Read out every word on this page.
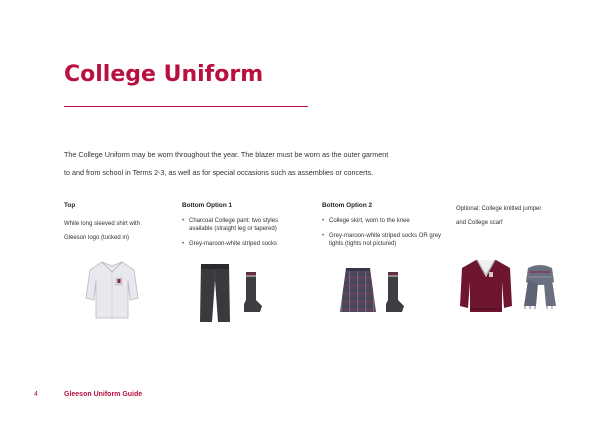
College Uniform

The College Uniform may be worn throughout the year. The blazer must be worn as the outer garment

to and from school in Terms 2-3, as well as for special occasions such as assemblies or concerts.

Top
White long sleeved shirt with
Gleeson logo (tucked in)
Bottom Option 1
• Charcoal College pant: two styles available (straight leg or tapered)
• Grey-maroon-white striped socks
Bottom Option 2
• College skirt, worn to the knee
• Grey-maroon-white striped socks OR grey tights (tights not pictured)
Optional: College knitted jumper
and College scarf
4	Gleeson Uniform Guide
